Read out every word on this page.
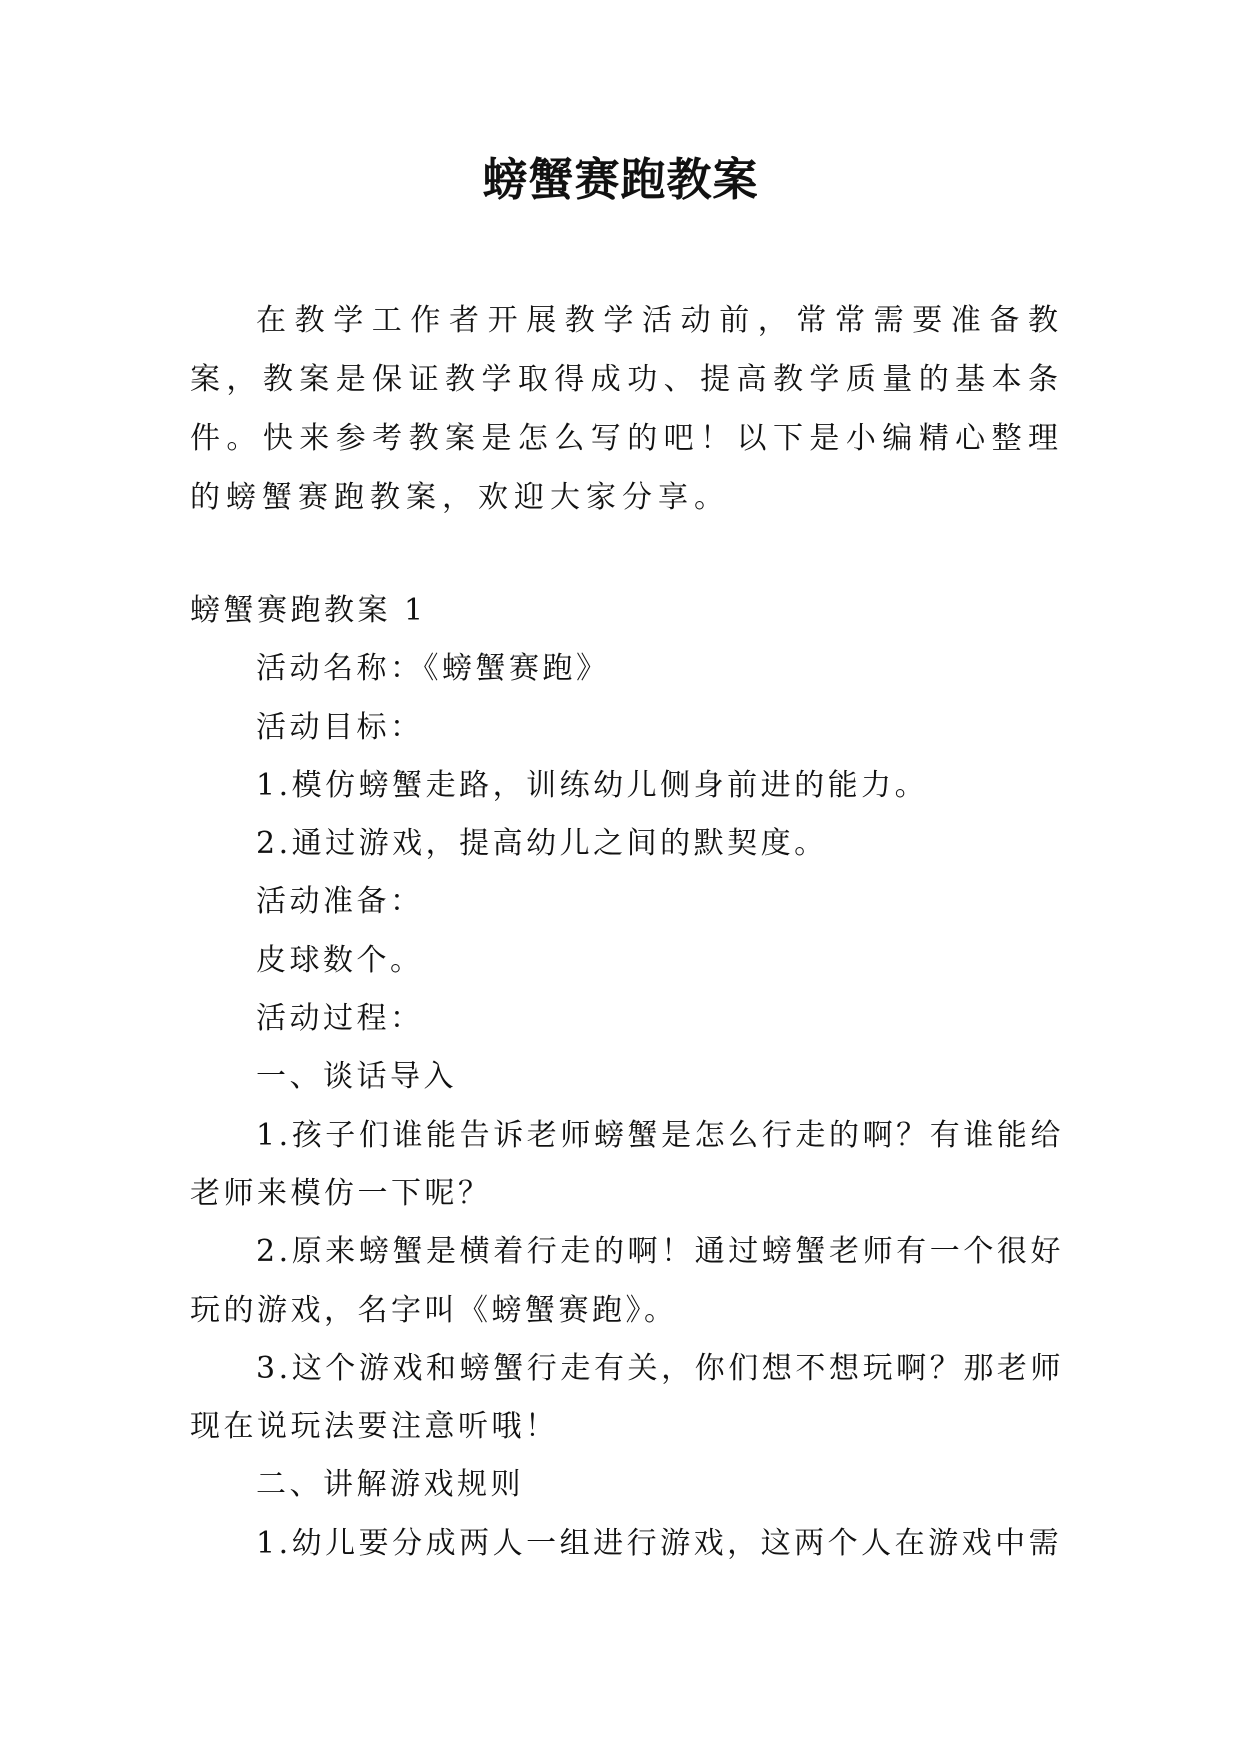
螃蟹赛跑教案

在教学工作者开展教学活动前，常常需要准备教案，教案是保证教学取得成功、提高教学质量的基本条件。快来参考教案是怎么写的吧！以下是小编精心整理的螃蟹赛跑教案，欢迎大家分享。

螃蟹赛跑教案 1

活动名称：《螃蟹赛跑》

活动目标：

1.模仿螃蟹走路，训练幼儿侧身前进的能力。

2.通过游戏，提高幼儿之间的默契度。

活动准备：

皮球数个。

活动过程：

一、谈话导入

1.孩子们谁能告诉老师螃蟹是怎么行走的啊？有谁能给老师来模仿一下呢？

2.原来螃蟹是横着行走的啊！通过螃蟹老师有一个很好玩的游戏，名字叫《螃蟹赛跑》。

3.这个游戏和螃蟹行走有关，你们想不想玩啊？那老师现在说玩法要注意听哦！

二、讲解游戏规则

1.幼儿要分成两人一组进行游戏，这两个人在游戏中需
